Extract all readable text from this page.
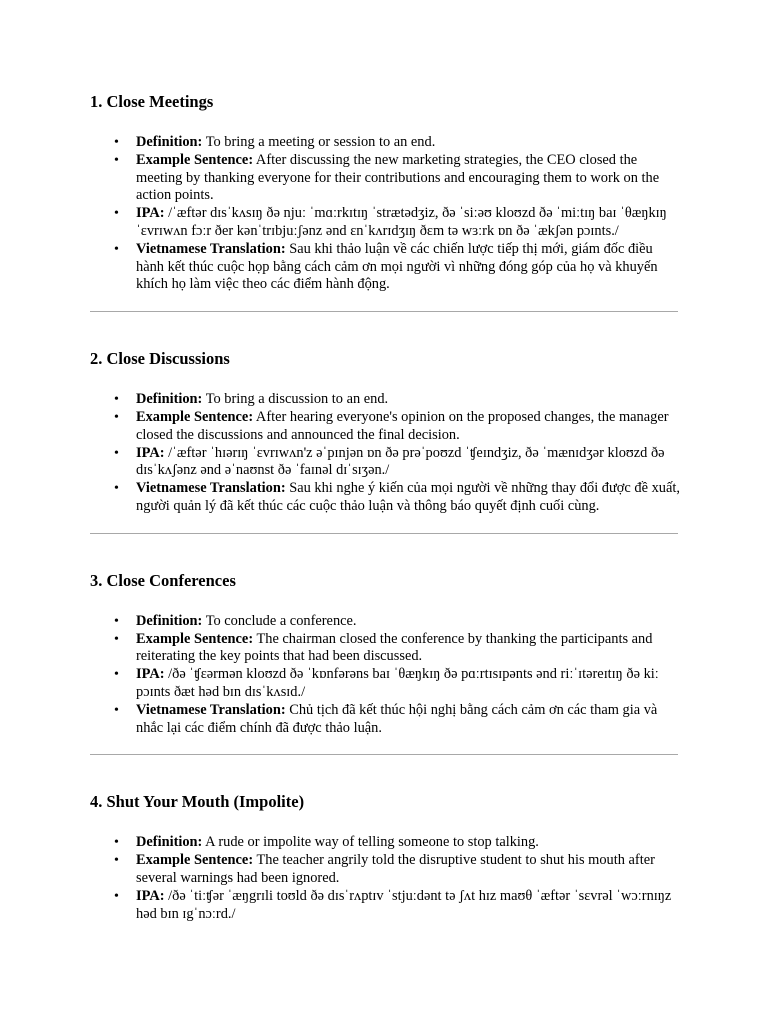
1. Close Meetings
• Definition: To bring a meeting or session to an end.
• Example Sentence: After discussing the new marketing strategies, the CEO closed the meeting by thanking everyone for their contributions and encouraging them to work on the action points.
• IPA: /ˈæftər dɪsˈkʌsɪŋ ðə njuː ˈmɑːrkɪtɪŋ ˈstrætədʒiz, ðə ˈsiːəʊ kloʊzd ðə ˈmiːtɪŋ baɪ ˈθæŋkɪŋ ˈɛvrɪwʌn fɔːr ðer kənˈtrɪbjuːʃənz ənd ɛnˈkʌrɪdʒɪŋ ðɛm tə wɜːrk ɒn ðə ˈækʃən pɔɪnts./
• Vietnamese Translation: Sau khi thảo luận về các chiến lược tiếp thị mới, giám đốc điều hành kết thúc cuộc họp bằng cách cảm ơn mọi người vì những đóng góp của họ và khuyến khích họ làm việc theo các điểm hành động.
2. Close Discussions
• Definition: To bring a discussion to an end.
• Example Sentence: After hearing everyone's opinion on the proposed changes, the manager closed the discussions and announced the final decision.
• IPA: /ˈæftər ˈhɪərɪŋ ˈɛvrɪwʌn'z əˈpɪnjən ɒn ðə prəˈpoʊzd ˈʧeɪndʒiz, ðə ˈmænɪdʒər kloʊzd ðə dɪsˈkʌʃənz ənd əˈnaʊnst ðə ˈfaɪnəl dɪˈsɪʒən./
• Vietnamese Translation: Sau khi nghe ý kiến của mọi người về những thay đổi được đề xuất, người quản lý đã kết thúc các cuộc thảo luận và thông báo quyết định cuối cùng.
3. Close Conferences
• Definition: To conclude a conference.
• Example Sentence: The chairman closed the conference by thanking the participants and reiterating the key points that had been discussed.
• IPA: /ðə ˈʧɛərmən kloʊzd ðə ˈkɒnfərəns baɪ ˈθæŋkɪŋ ðə pɑːrtɪsɪpənts ənd riːˈɪtəreɪtɪŋ ðə kiː pɔɪnts ðæt həd bɪn dɪsˈkʌsɪd./
• Vietnamese Translation: Chủ tịch đã kết thúc hội nghị bằng cách cảm ơn các tham gia và nhắc lại các điểm chính đã được thảo luận.
4. Shut Your Mouth (Impolite)
• Definition: A rude or impolite way of telling someone to stop talking.
• Example Sentence: The teacher angrily told the disruptive student to shut his mouth after several warnings had been ignored.
• IPA: /ðə ˈtiːʧər ˈæŋgrɪli toʊld ðə dɪsˈrʌptɪv ˈstjuːdənt tə ʃʌt hɪz maʊθ ˈæftər ˈsɛvrəl ˈwɔːrnɪŋz həd bɪn ɪgˈnɔːrd./
